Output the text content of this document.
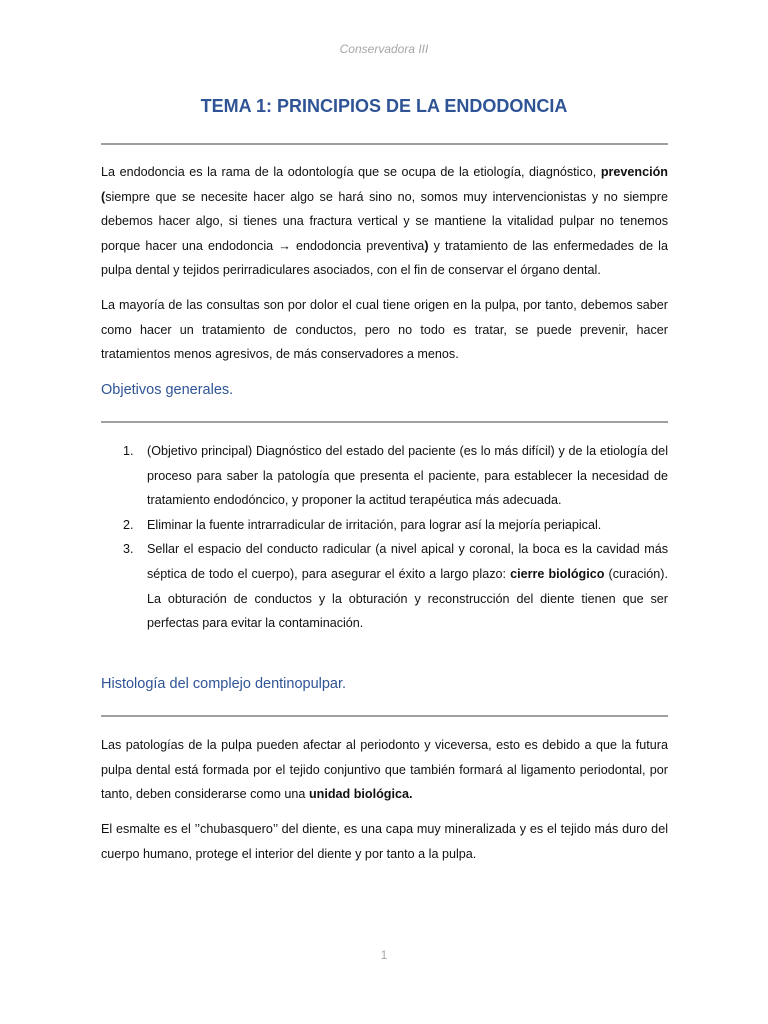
Conservadora III
TEMA 1: PRINCIPIOS DE LA ENDODONCIA
La endodoncia es la rama de la odontología que se ocupa de la etiología, diagnóstico, prevención (siempre que se necesite hacer algo se hará sino no, somos muy intervencionistas y no siempre debemos hacer algo, si tienes una fractura vertical y se mantiene la vitalidad pulpar no tenemos porque hacer una endodoncia → endodoncia preventiva) y tratamiento de las enfermedades de la pulpa dental y tejidos perirradiculares asociados, con el fin de conservar el órgano dental.
La mayoría de las consultas son por dolor el cual tiene origen en la pulpa, por tanto, debemos saber como hacer un tratamiento de conductos, pero no todo es tratar, se puede prevenir, hacer tratamientos menos agresivos, de más conservadores a menos.
Objetivos generales.
1. (Objetivo principal) Diagnóstico del estado del paciente (es lo más difícil) y de la etiología del proceso para saber la patología que presenta el paciente, para establecer la necesidad de tratamiento endodóncico, y proponer la actitud terapéutica más adecuada.
2. Eliminar la fuente intrarradicular de irritación, para lograr así la mejoría periapical.
3. Sellar el espacio del conducto radicular (a nivel apical y coronal, la boca es la cavidad más séptica de todo el cuerpo), para asegurar el éxito a largo plazo: cierre biológico (curación). La obturación de conductos y la obturación y reconstrucción del diente tienen que ser perfectas para evitar la contaminación.
Histología del complejo dentinopulpar.
Las patologías de la pulpa pueden afectar al periodonto y viceversa, esto es debido a que la futura pulpa dental está formada por el tejido conjuntivo que también formará al ligamento periodontal, por tanto, deben considerarse como una unidad biológica.
El esmalte es el ’’chubasquero’’ del diente, es una capa muy mineralizada y es el tejido más duro del cuerpo humano, protege el interior del diente y por tanto a la pulpa.
1
